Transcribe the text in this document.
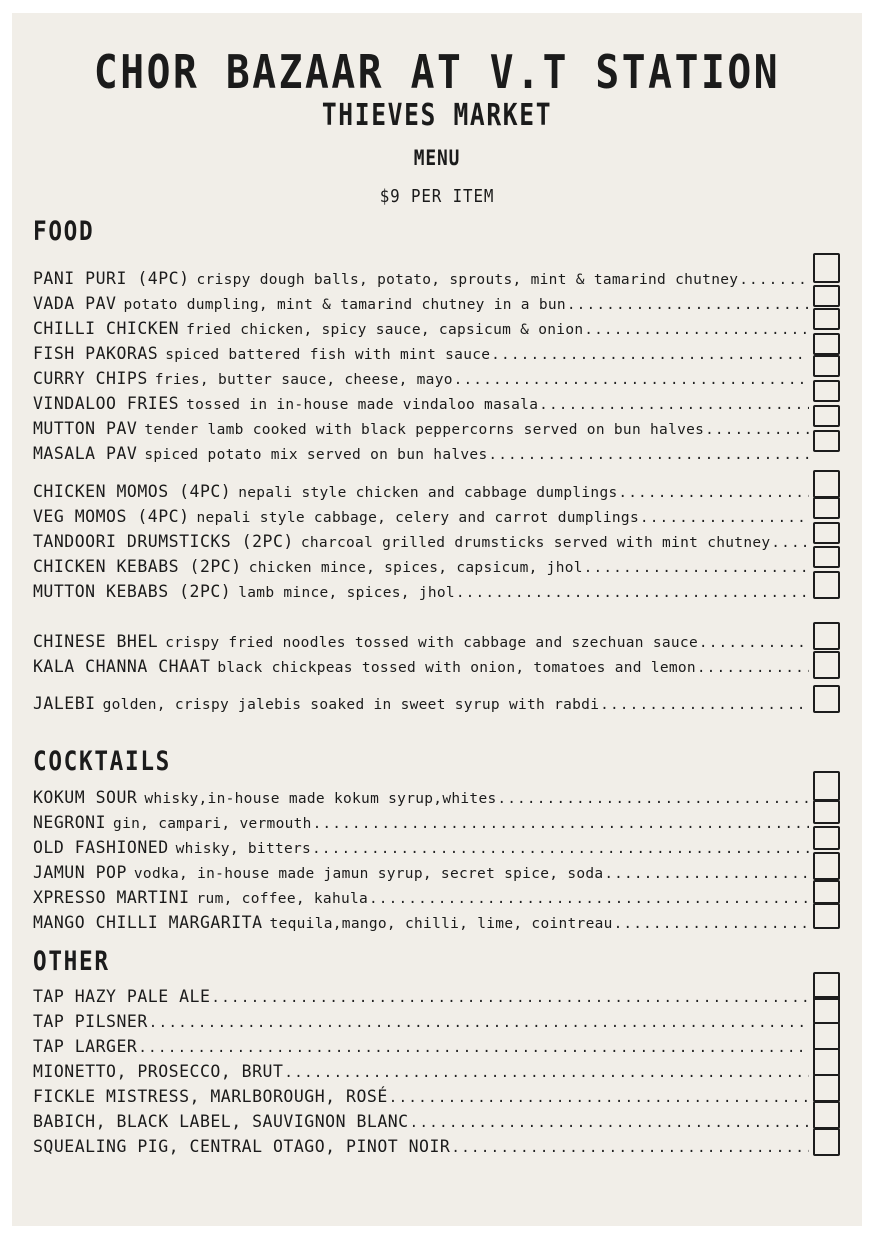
CHOR BAZAAR AT V.T STATION
THIEVES MARKET
MENU
$9 PER ITEM
FOOD
COCKTAILS
OTHER
PANI PURI (4PC) crispy dough balls, potato, sprouts, mint & tamarind chutney
.....
VADA PAV potato dumpling, mint & tamarind chutney in a bun
.....
CHILLI CHICKEN fried chicken, spicy sauce, capsicum & onion
.....
FISH PAKORAS spiced battered fish with mint sauce
.....
CURRY CHIPS fries, butter sauce, cheese, mayo
.....
VINDALOO FRIES tossed in in-house made vindaloo masala
.....
MUTTON PAV tender lamb cooked with black peppercorns served on bun halves
.....
MASALA PAV spiced potato mix served on bun halves
.....
CHICKEN MOMOS (4PC) nepali style chicken and cabbage dumplings
.....
VEG MOMOS (4PC) nepali style cabbage, celery and carrot dumplings
.....
TANDOORI DRUMSTICKS (2PC) charcoal grilled drumsticks served with mint chutney
.....
CHICKEN KEBABS (2PC) chicken mince, spices, capsicum, jhol
.....
MUTTON KEBABS (2PC) lamb mince, spices, jhol
.....
CHINESE BHEL crispy fried noodles tossed with cabbage and szechuan sauce
.....
KALA CHANNA CHAAT black chickpeas tossed with onion, tomatoes and lemon
.....
JALEBI golden, crispy jalebis soaked in sweet syrup with rabdi
.....
KOKUM SOUR whisky,in-house made kokum syrup,whites
.....
NEGRONI gin, campari, vermouth
.....
OLD FASHIONED whisky, bitters
.....
JAMUN POP vodka, in-house made jamun syrup, secret spice, soda
.....
XPRESSO MARTINI rum, coffee, kahula
.....
MANGO CHILLI MARGARITA tequila,mango, chilli, lime, cointreau
.....
TAP HAZY PALE ALE
.....
TAP PILSNER
.....
TAP LARGER
.....
MIONETTO, PROSECCO, BRUT
.....
FICKLE MISTRESS, MARLBOROUGH, ROSÉ
.....
BABICH, BLACK LABEL, SAUVIGNON BLANC
.....
SQUEALING PIG, CENTRAL OTAGO, PINOT NOIR
.....
